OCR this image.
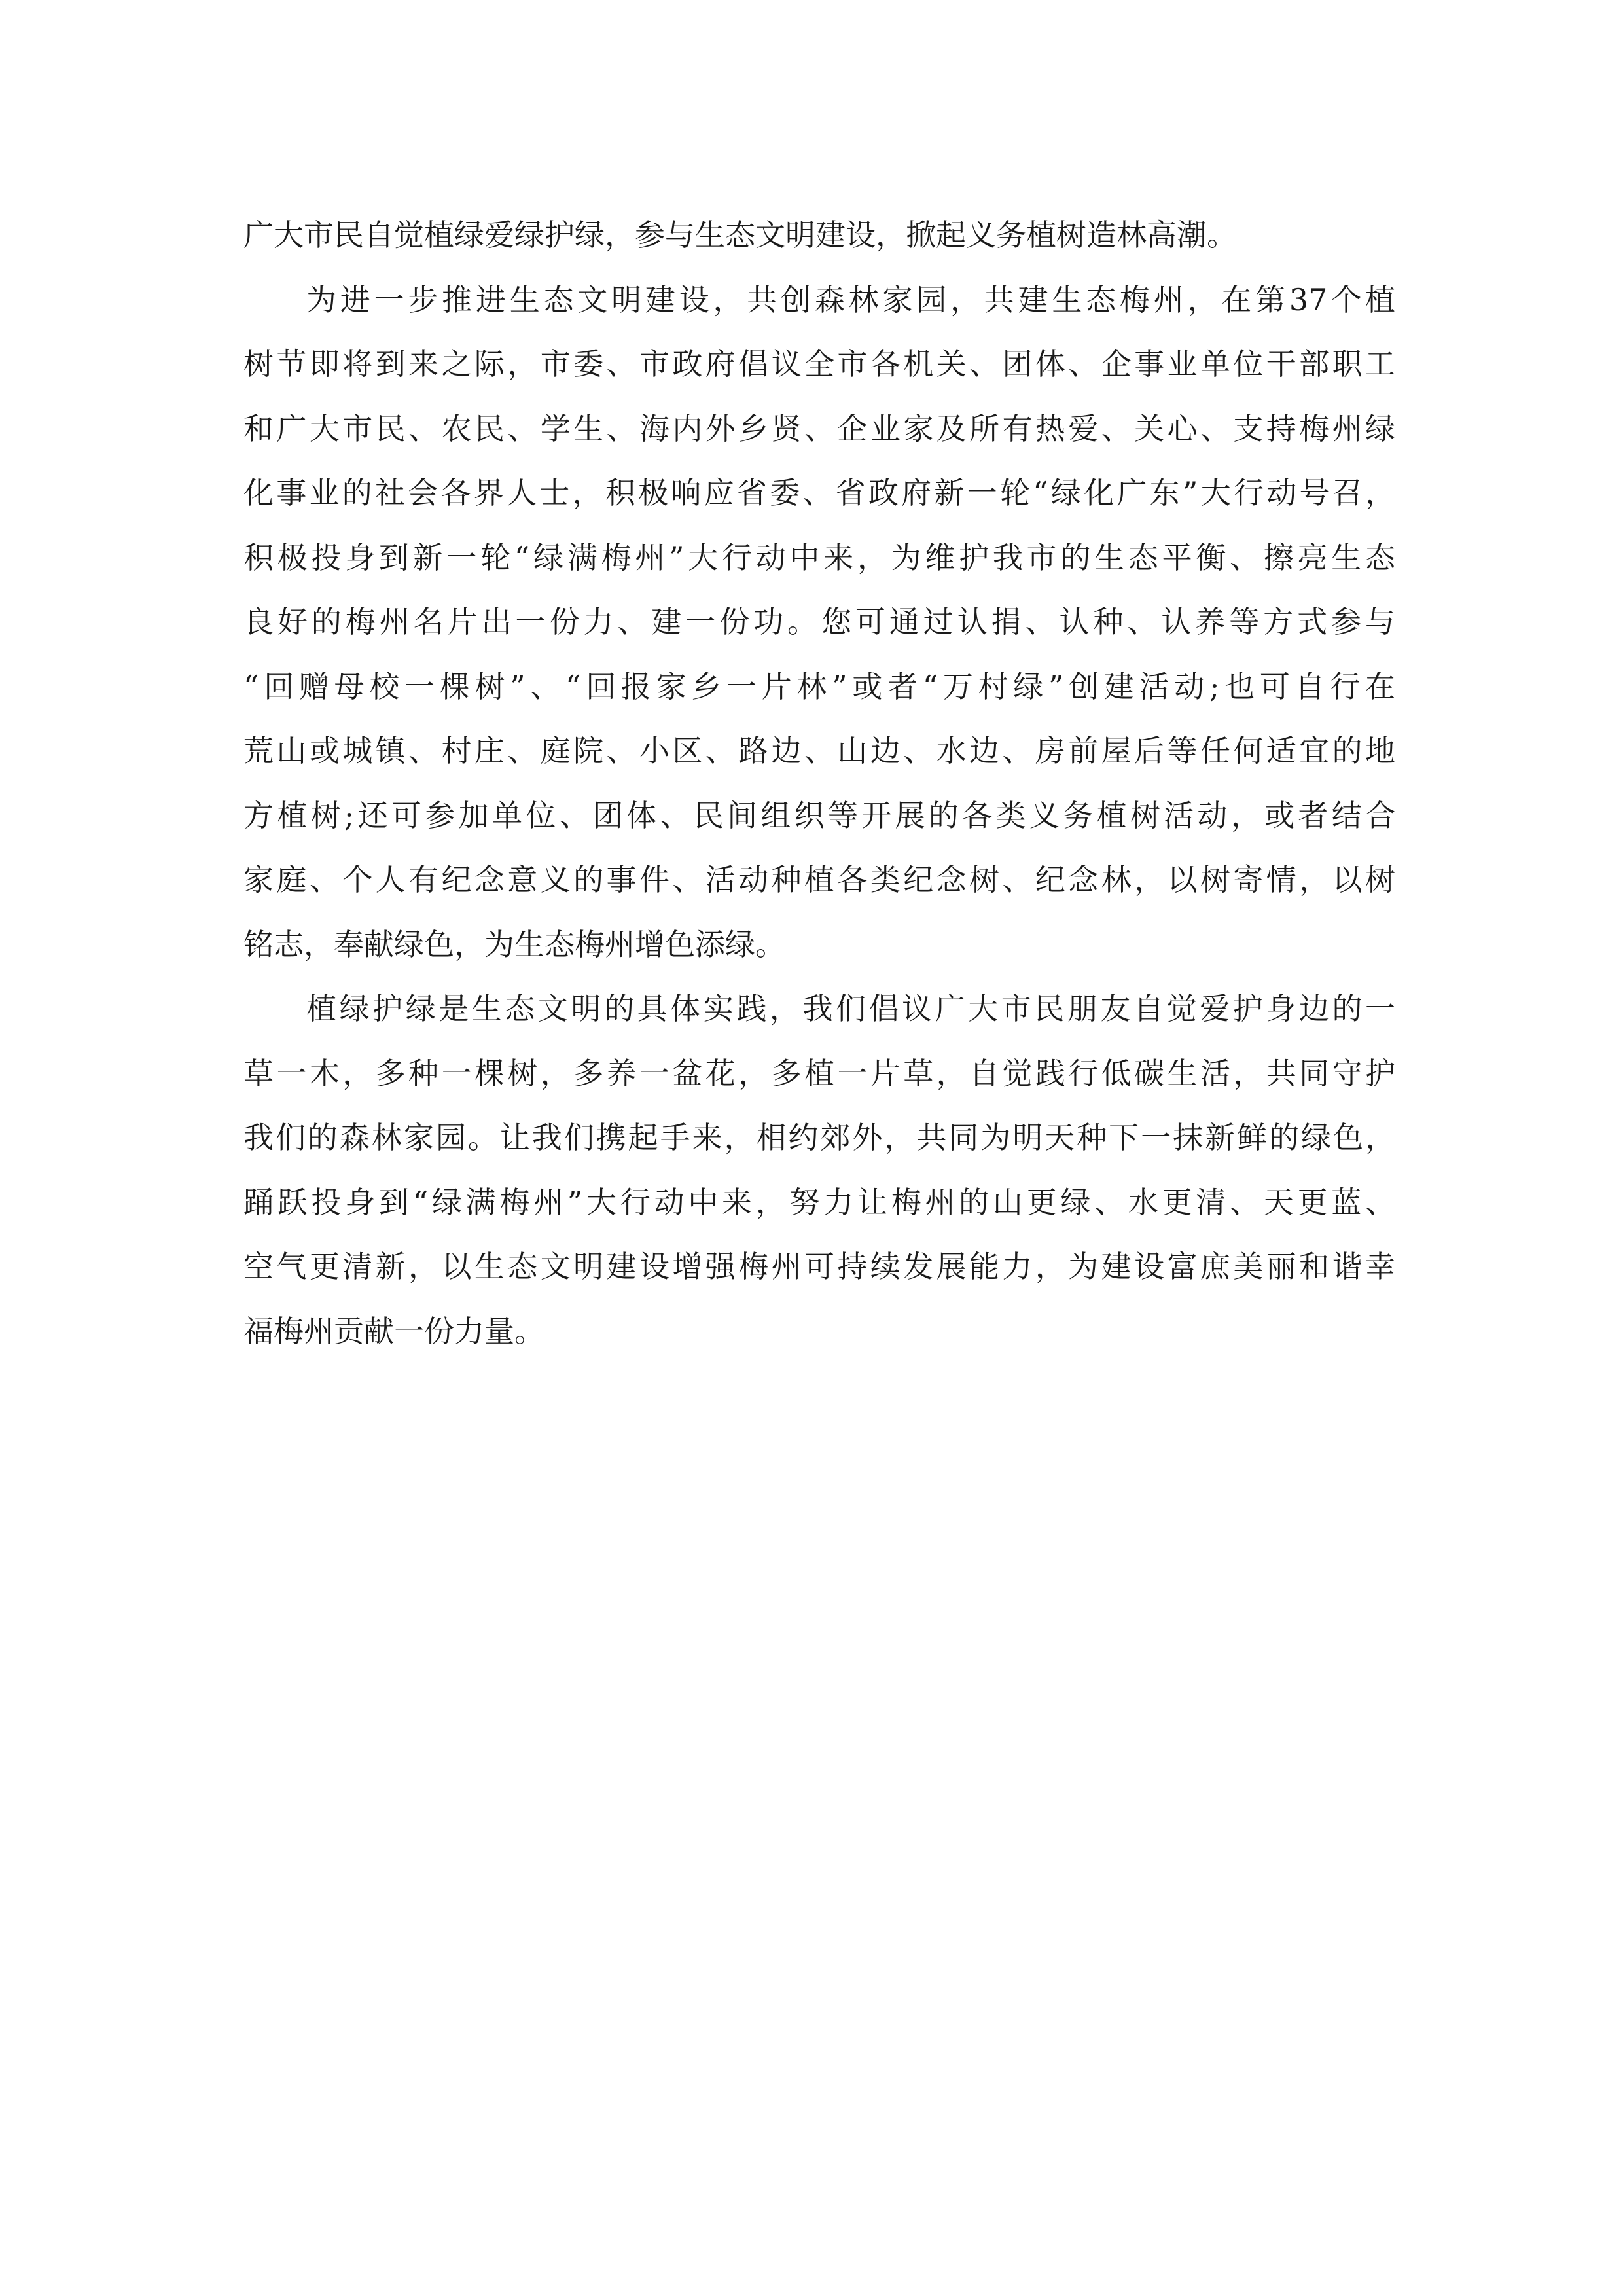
广大市民自觉植绿爱绿护绿，参与生态文明建设，掀起义务植树造林高潮。
为进一步推进生态文明建设，共创森林家园，共建生态梅州，在第37个植
树节即将到来之际，市委、市政府倡议全市各机关、团体、企事业单位干部职工
和广大市民、农民、学生、海内外乡贤、企业家及所有热爱、关心、支持梅州绿
化事业的社会各界人士，积极响应省委、省政府新一轮“绿化广东”大行动号召，
积极投身到新一轮“绿满梅州”大行动中来，为维护我市的生态平衡、擦亮生态
良好的梅州名片出一份力、建一份功。您可通过认捐、认种、认养等方式参与
“回赠母校一棵树”、“回报家乡一片林”或者“万村绿”创建活动;也可自行在
荒山或城镇、村庄、庭院、小区、路边、山边、水边、房前屋后等任何适宜的地
方植树;还可参加单位、团体、民间组织等开展的各类义务植树活动，或者结合
家庭、个人有纪念意义的事件、活动种植各类纪念树、纪念林，以树寄情，以树
铭志，奉献绿色，为生态梅州增色添绿。
植绿护绿是生态文明的具体实践，我们倡议广大市民朋友自觉爱护身边的一
草一木，多种一棵树，多养一盆花，多植一片草，自觉践行低碳生活，共同守护
我们的森林家园。让我们携起手来，相约郊外，共同为明天种下一抹新鲜的绿色，
踊跃投身到“绿满梅州”大行动中来，努力让梅州的山更绿、水更清、天更蓝、
空气更清新，以生态文明建设增强梅州可持续发展能力，为建设富庶美丽和谐幸
福梅州贡献一份力量。
